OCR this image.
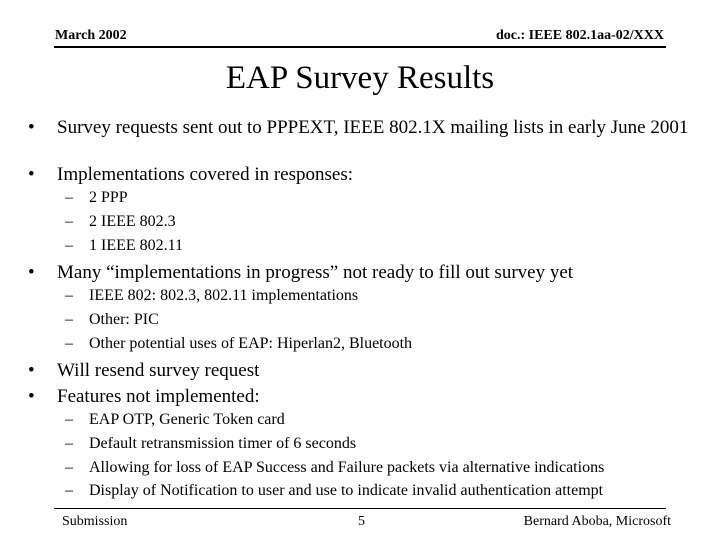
March 2002	doc.: IEEE 802.1aa-02/XXX
EAP Survey Results
• Survey requests sent out to PPPEXT, IEEE 802.1X mailing lists in early June 2001
• Implementations covered in responses:
– 2 PPP
– 2 IEEE 802.3
– 1 IEEE 802.11
• Many “implementations in progress” not ready to fill out survey yet
– IEEE 802: 802.3, 802.11 implementations
– Other: PIC
– Other potential uses of EAP: Hiperlan2, Bluetooth
• Will resend survey request
• Features not implemented:
– EAP OTP, Generic Token card
– Default retransmission timer of 6 seconds
– Allowing for loss of EAP Success and Failure packets via alternative indications
– Display of Notification to user and use to indicate invalid authentication attempt
Submission	5	Bernard Aboba, Microsoft
